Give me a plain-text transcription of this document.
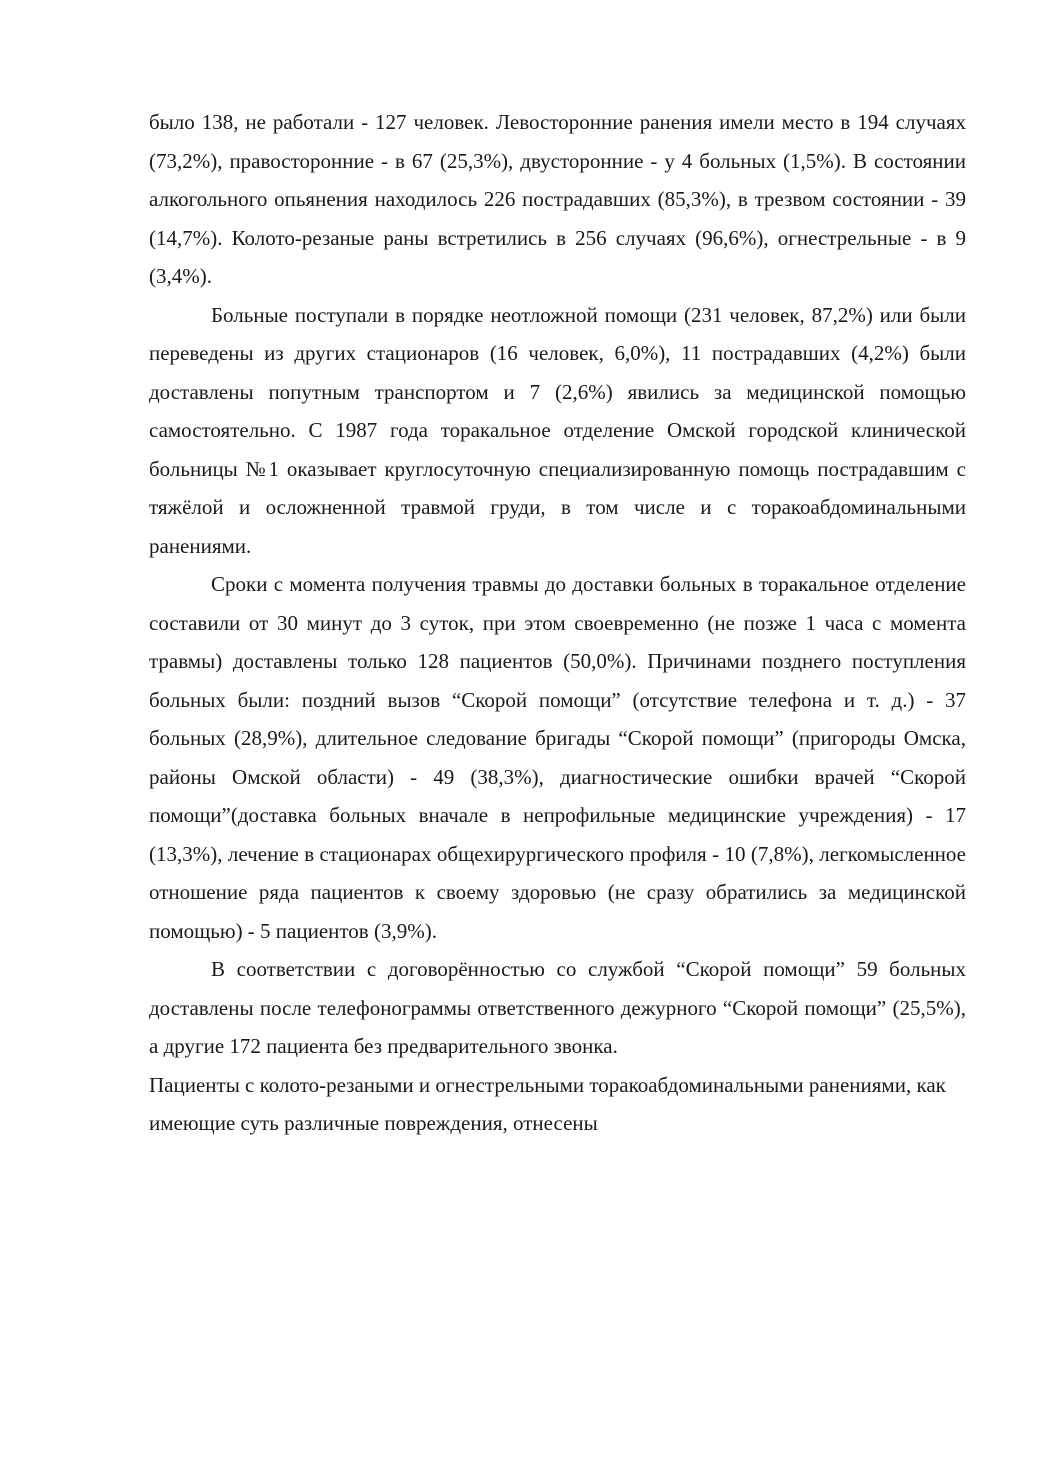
было 138, не работали - 127 человек. Левосторонние ранения имели место в 194 случаях (73,2%), правосторонние - в 67 (25,3%), двусторонние - у 4 больных (1,5%). В состоянии алкогольного опьянения находилось 226 пострадавших (85,3%), в трезвом состоянии - 39 (14,7%). Колото-резаные раны встретились в 256 случаях (96,6%), огнестрельные - в 9 (3,4%).

Больные поступали в порядке неотложной помощи (231 человек, 87,2%) или были переведены из других стационаров (16 человек, 6,0%), 11 пострадавших (4,2%) были доставлены попутным транспортом и 7 (2,6%) явились за медицинской помощью самостоятельно. С 1987 года торакальное отделение Омской городской клинической больницы №1 оказывает круглосуточную специализированную помощь пострадавшим с тяжёлой и осложненной травмой груди, в том числе и с торакоабдоминальными ранениями.

Сроки с момента получения травмы до доставки больных в торакальное отделение составили от 30 минут до 3 суток, при этом своевременно (не позже 1 часа с момента травмы) доставлены только 128 пациентов (50,0%). Причинами позднего поступления больных были: поздний вызов “Скорой помощи” (отсутствие телефона и т. д.) - 37 больных (28,9%), длительное следование бригады “Скорой помощи” (пригороды Омска, районы Омской области) - 49 (38,3%), диагностические ошибки врачей “Скорой помощи”(доставка больных вначале в непрофильные медицинские учреждения) - 17 (13,3%), лечение в стационарах общехирургического профиля - 10 (7,8%), легкомысленное отношение ряда пациентов к своему здоровью (не сразу обратились за медицинской помощью) - 5 пациентов (3,9%).

В соответствии с договорённостью со службой “Скорой помощи” 59 больных доставлены после телефонограммы ответственного дежурного “Скорой помощи” (25,5%), а другие 172 пациента без предварительного звонка.

Пациенты с колото-резаными и огнестрельными торакоабдоминальными ранениями, как имеющие суть различные повреждения, отнесены
